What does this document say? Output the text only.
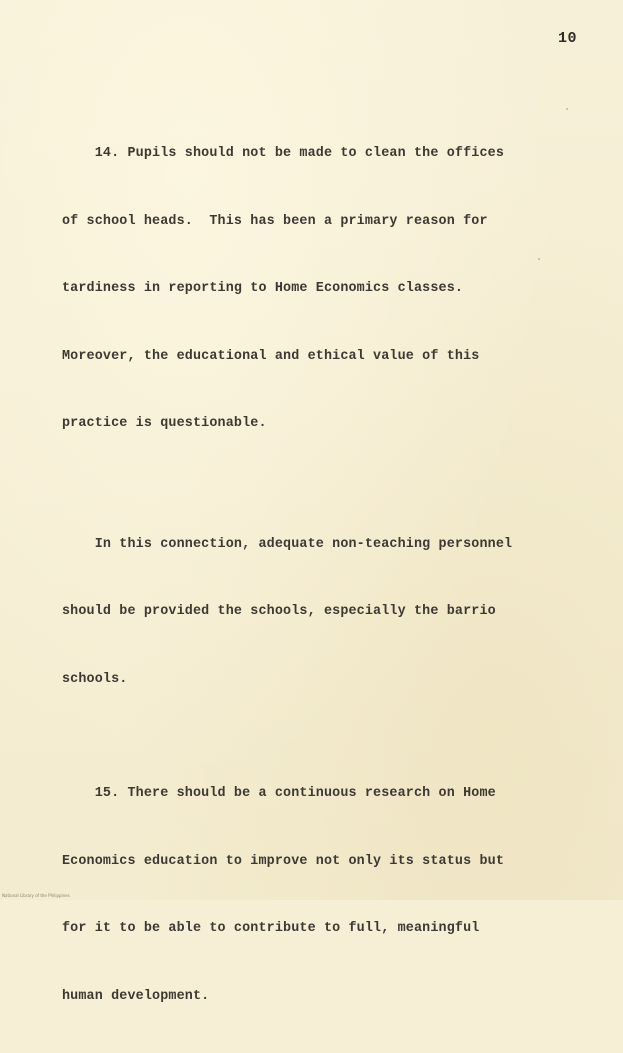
10

14. Pupils should not be made to clean the offices

of school heads.  This has been a primary reason for

tardiness in reporting to Home Economics classes.

Moreover, the educational and ethical value of this

practice is questionable.

In this connection, adequate non-teaching personnel

should be provided the schools, especially the barrio

schools.

15. There should be a continuous research on Home

Economics education to improve not only its status but

for it to be able to contribute to full, meaningful

human development.

National Library of the Philippines
